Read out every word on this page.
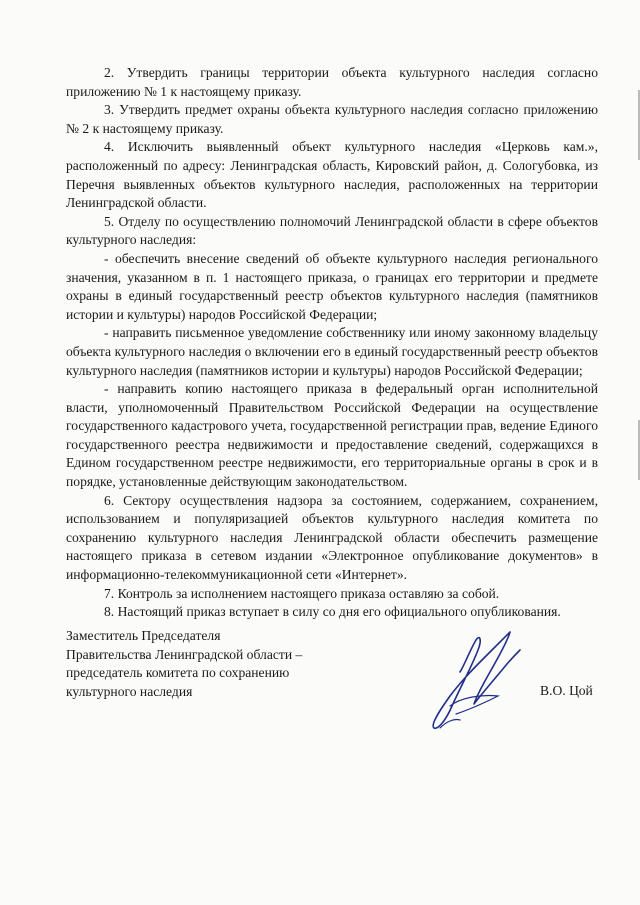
2. Утвердить границы территории объекта культурного наследия согласно приложению № 1 к настоящему приказу.

3. Утвердить предмет охраны объекта культурного наследия согласно приложению № 2 к настоящему приказу.

4. Исключить выявленный объект культурного наследия «Церковь кам.», расположенный по адресу: Ленинградская область, Кировский район, д. Сологубовка, из Перечня выявленных объектов культурного наследия, расположенных на территории Ленинградской области.

5. Отделу по осуществлению полномочий Ленинградской области в сфере объектов культурного наследия:

- обеспечить внесение сведений об объекте культурного наследия регионального значения, указанном в п. 1 настоящего приказа, о границах его территории и предмете охраны в единый государственный реестр объектов культурного наследия (памятников истории и культуры) народов Российской Федерации;

- направить письменное уведомление собственнику или иному законному владельцу объекта культурного наследия о включении его в единый государственный реестр объектов культурного наследия (памятников истории и культуры) народов Российской Федерации;

- направить копию настоящего приказа в федеральный орган исполнительной власти, уполномоченный Правительством Российской Федерации на осуществление государственного кадастрового учета, государственной регистрации прав, ведение Единого государственного реестра недвижимости и предоставление сведений, содержащихся в Едином государственном реестре недвижимости, его территориальные органы в срок и в порядке, установленные действующим законодательством.

6. Сектору осуществления надзора за состоянием, содержанием, сохранением, использованием и популяризацией объектов культурного наследия комитета по сохранению культурного наследия Ленинградской области обеспечить размещение настоящего приказа в сетевом издании «Электронное опубликование документов» в информационно-телекоммуникационной сети «Интернет».

7. Контроль за исполнением настоящего приказа оставляю за собой.

8. Настоящий приказ вступает в силу со дня его официального опубликования.

Заместитель Председателя
Правительства Ленинградской области –
председатель комитета по сохранению
культурного наследия	В.О. Цой
